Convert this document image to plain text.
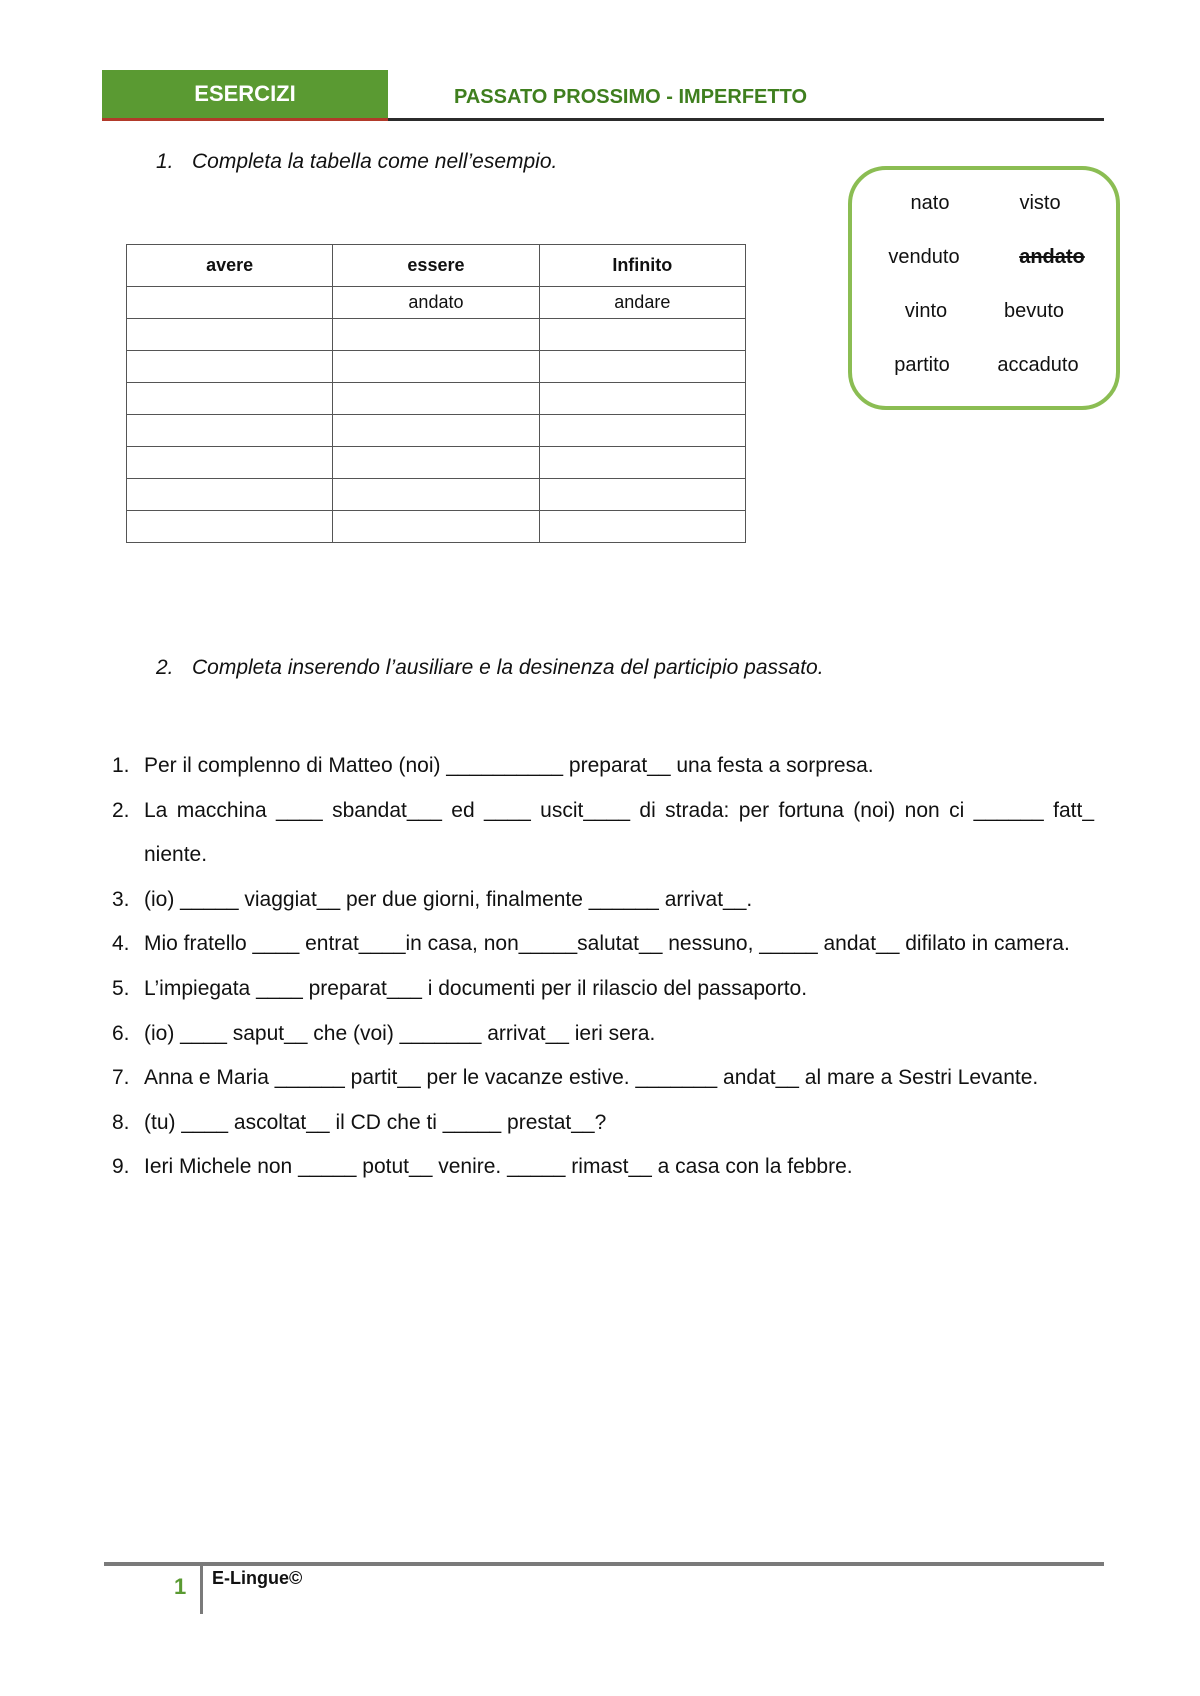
ESERCIZI	PASSATO PROSSIMO - IMPERFETTO
1. Completa la tabella come nell’esempio.
avere	essere	Infinito
	andato	andare

nato	visto
venduto	andato
vinto	bevuto
partito	accaduto
2. Completa inserendo l’ausiliare e la desinenza del participio passato.
1. Per il complenno di Matteo (noi) __________ preparat__ una festa a sorpresa.
2. La macchina ____ sbandat___ ed ____ uscit____ di strada: per fortuna (noi) non ci ______ fatt_ niente.
3. (io) _____ viaggiat__ per due giorni, finalmente ______ arrivat__.
4. Mio fratello ____ entrat____in casa, non_____salutat__ nessuno, _____ andat__ difilato in camera.
5. L’impiegata ____ preparat___ i documenti per il rilascio del passaporto.
6. (io) ____ saput__ che (voi) _______ arrivat__ ieri sera.
7. Anna e Maria ______ partit__ per le vacanze estive. _______ andat__ al mare a Sestri Levante.
8. (tu) ____ ascoltat__ il CD che ti _____ prestat__?
9. Ieri Michele non _____ potut__ venire. _____ rimast__ a casa con la febbre.
1 E-Lingue©
